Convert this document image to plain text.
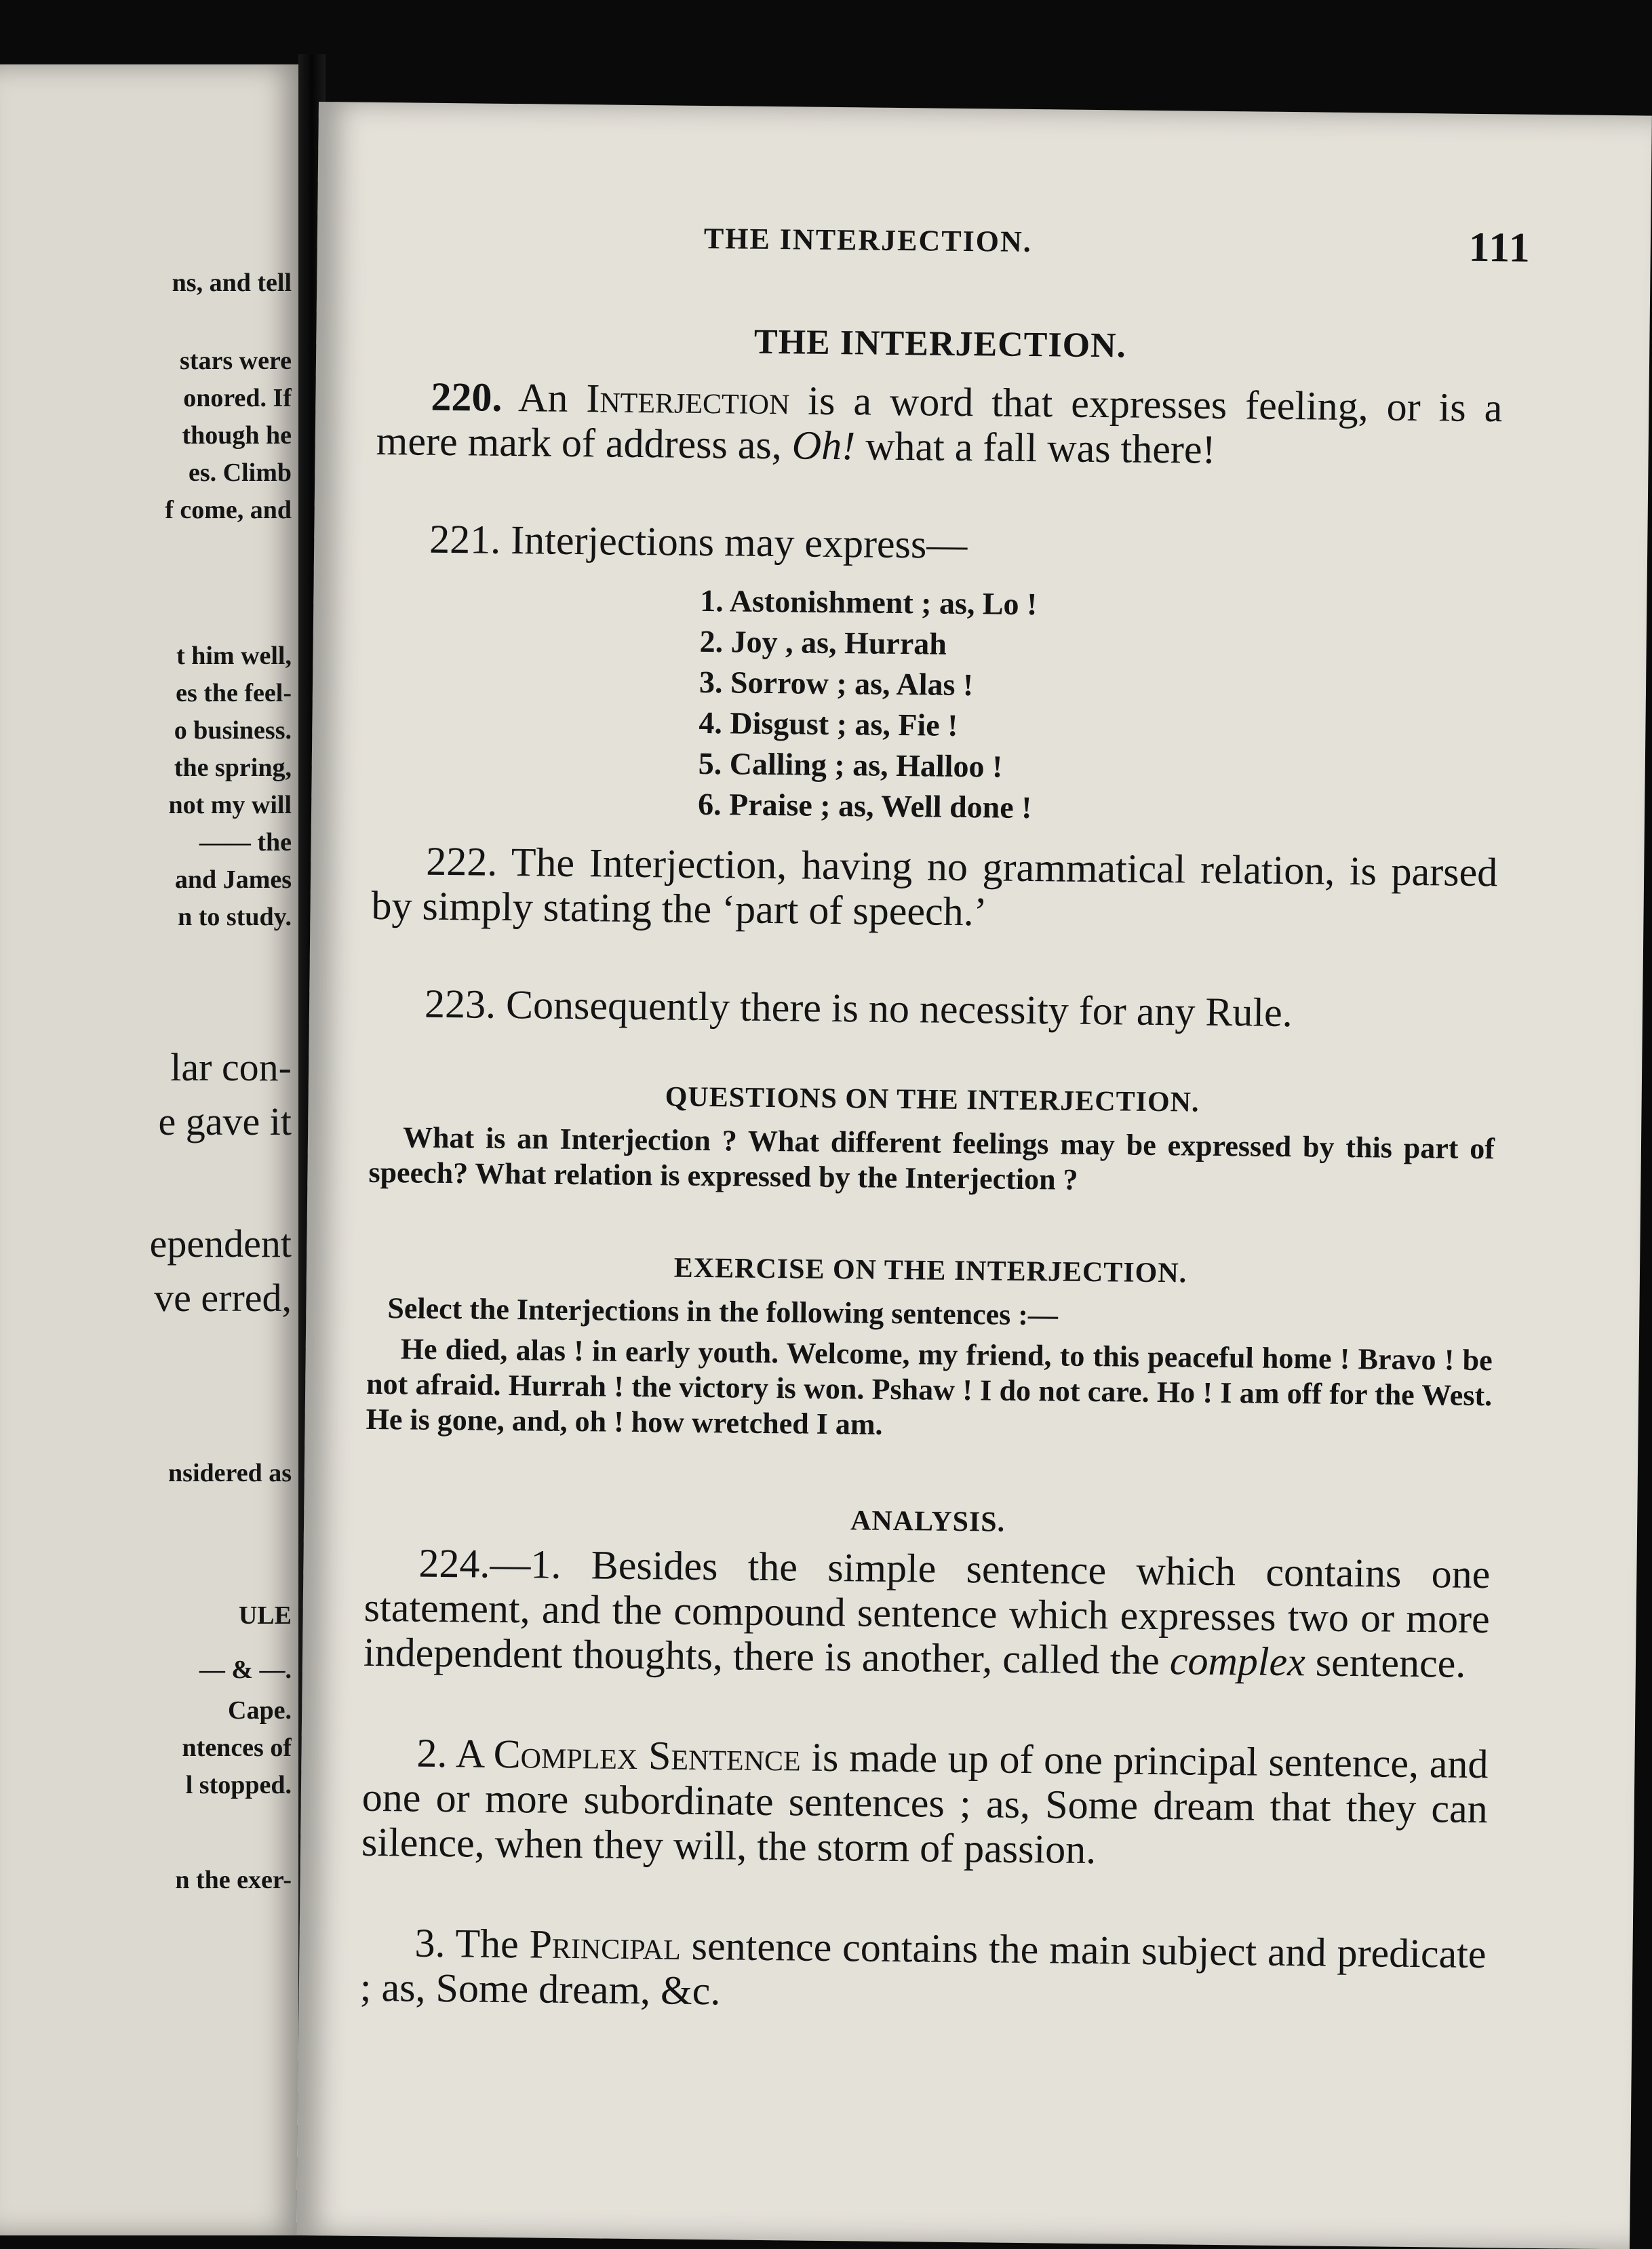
ns, and tell
stars were
onored. If
though he
es. Climb
f come, and
t him well,
es the feel-
o business.
the spring,
not my will
—— the
and James
n to study.
lar con-
e gave it
ependent
ve erred,
nsidered as
ULE
— & —.
Cape.
ntences of
l stopped.
n the exer-
THE INTERJECTION.	111
THE INTERJECTION.
220. An Interjection is a word that expresses feeling, or is a mere mark of address as, Oh! what a fall was there!
221. Interjections may express—
1. Astonishment ; as, Lo !
2. Joy , as, Hurrah
3. Sorrow ; as, Alas !
4. Disgust ; as, Fie !
5. Calling ; as, Halloo !
6. Praise ; as, Well done !
222. The Interjection, having no grammatical relation, is parsed by simply stating the ‘part of speech.’
223. Consequently there is no necessity for any Rule.
QUESTIONS ON THE INTERJECTION.
What is an Interjection ? What different feelings may be expressed by this part of speech? What relation is expressed by the Interjection ?
EXERCISE ON THE INTERJECTION.
Select the Interjections in the following sentences :—
He died, alas ! in early youth. Welcome, my friend, to this peaceful home ! Bravo ! be not afraid. Hurrah ! the victory is won. Pshaw ! I do not care. Ho ! I am off for the West. He is gone, and, oh ! how wretched I am.
ANALYSIS.
224.—1. Besides the simple sentence which contains one statement, and the compound sentence which expresses two or more independent thoughts, there is another, called the complex sentence.
2. A Complex Sentence is made up of one principal sentence, and one or more subordinate sentences ; as, Some dream that they can silence, when they will, the storm of passion.
3. The Principal sentence contains the main subject and predicate ; as, Some dream, &c.
